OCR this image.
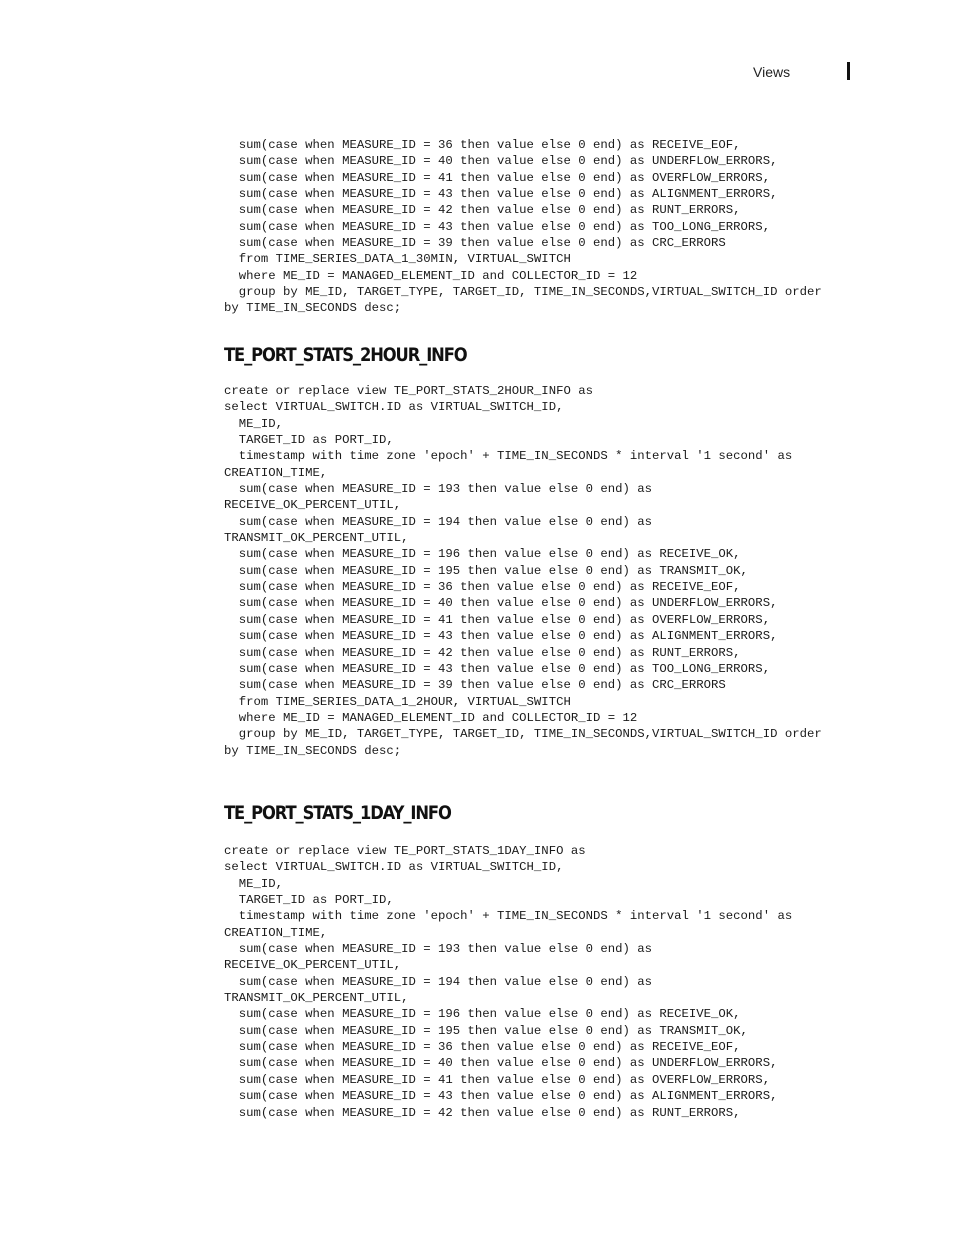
Views
sum(case when MEASURE_ID = 36 then value else 0 end) as RECEIVE_EOF,
sum(case when MEASURE_ID = 40 then value else 0 end) as UNDERFLOW_ERRORS,
sum(case when MEASURE_ID = 41 then value else 0 end) as OVERFLOW_ERRORS,
sum(case when MEASURE_ID = 43 then value else 0 end) as ALIGNMENT_ERRORS,
sum(case when MEASURE_ID = 42 then value else 0 end) as RUNT_ERRORS,
sum(case when MEASURE_ID = 43 then value else 0 end) as TOO_LONG_ERRORS,
sum(case when MEASURE_ID = 39 then value else 0 end) as CRC_ERRORS
from TIME_SERIES_DATA_1_30MIN, VIRTUAL_SWITCH
where ME_ID = MANAGED_ELEMENT_ID and COLLECTOR_ID = 12
group by ME_ID, TARGET_TYPE, TARGET_ID, TIME_IN_SECONDS,VIRTUAL_SWITCH_ID order
by TIME_IN_SECONDS desc;
TE_PORT_STATS_2HOUR_INFO
create or replace view TE_PORT_STATS_2HOUR_INFO as
select VIRTUAL_SWITCH.ID as VIRTUAL_SWITCH_ID,
ME_ID,
TARGET_ID as PORT_ID,
timestamp with time zone 'epoch' + TIME_IN_SECONDS * interval '1 second' as
CREATION_TIME,
sum(case when MEASURE_ID = 193 then value else 0 end) as
RECEIVE_OK_PERCENT_UTIL,
sum(case when MEASURE_ID = 194 then value else 0 end) as
TRANSMIT_OK_PERCENT_UTIL,
sum(case when MEASURE_ID = 196 then value else 0 end) as RECEIVE_OK,
sum(case when MEASURE_ID = 195 then value else 0 end) as TRANSMIT_OK,
sum(case when MEASURE_ID = 36 then value else 0 end) as RECEIVE_EOF,
sum(case when MEASURE_ID = 40 then value else 0 end) as UNDERFLOW_ERRORS,
sum(case when MEASURE_ID = 41 then value else 0 end) as OVERFLOW_ERRORS,
sum(case when MEASURE_ID = 43 then value else 0 end) as ALIGNMENT_ERRORS,
sum(case when MEASURE_ID = 42 then value else 0 end) as RUNT_ERRORS,
sum(case when MEASURE_ID = 43 then value else 0 end) as TOO_LONG_ERRORS,
sum(case when MEASURE_ID = 39 then value else 0 end) as CRC_ERRORS
from TIME_SERIES_DATA_1_2HOUR, VIRTUAL_SWITCH
where ME_ID = MANAGED_ELEMENT_ID and COLLECTOR_ID = 12
group by ME_ID, TARGET_TYPE, TARGET_ID, TIME_IN_SECONDS,VIRTUAL_SWITCH_ID order
by TIME_IN_SECONDS desc;
TE_PORT_STATS_1DAY_INFO
create or replace view TE_PORT_STATS_1DAY_INFO as
select VIRTUAL_SWITCH.ID as VIRTUAL_SWITCH_ID,
ME_ID,
TARGET_ID as PORT_ID,
timestamp with time zone 'epoch' + TIME_IN_SECONDS * interval '1 second' as
CREATION_TIME,
sum(case when MEASURE_ID = 193 then value else 0 end) as
RECEIVE_OK_PERCENT_UTIL,
sum(case when MEASURE_ID = 194 then value else 0 end) as
TRANSMIT_OK_PERCENT_UTIL,
sum(case when MEASURE_ID = 196 then value else 0 end) as RECEIVE_OK,
sum(case when MEASURE_ID = 195 then value else 0 end) as TRANSMIT_OK,
sum(case when MEASURE_ID = 36 then value else 0 end) as RECEIVE_EOF,
sum(case when MEASURE_ID = 40 then value else 0 end) as UNDERFLOW_ERRORS,
sum(case when MEASURE_ID = 41 then value else 0 end) as OVERFLOW_ERRORS,
sum(case when MEASURE_ID = 43 then value else 0 end) as ALIGNMENT_ERRORS,
sum(case when MEASURE_ID = 42 then value else 0 end) as RUNT_ERRORS,
